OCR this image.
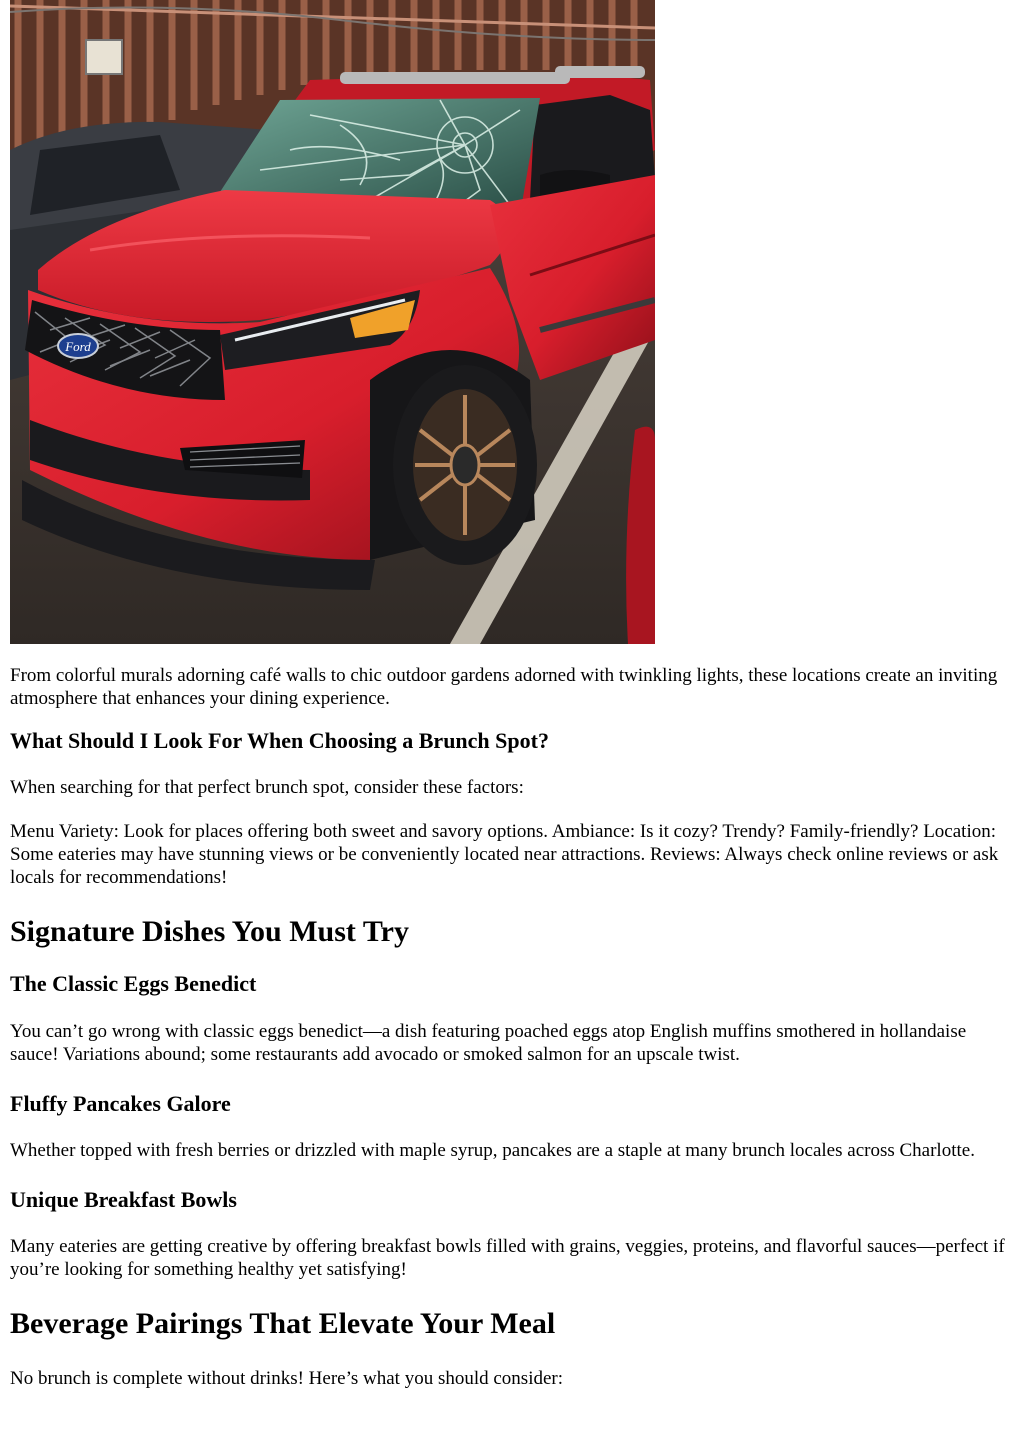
Ford

From colorful murals adorning café walls to chic outdoor gardens adorned with twinkling lights, these locations create an inviting atmosphere that enhances your dining experience.

What Should I Look For When Choosing a Brunch Spot?

When searching for that perfect brunch spot, consider these factors:

Menu Variety: Look for places offering both sweet and savory options. Ambiance: Is it cozy? Trendy? Family-friendly? Location: Some eateries may have stunning views or be conveniently located near attractions. Reviews: Always check online reviews or ask locals for recommendations!

Signature Dishes You Must Try
The Classic Eggs Benedict

You can’t go wrong with classic eggs benedict—a dish featuring poached eggs atop English muffins smothered in hollandaise sauce! Variations abound; some restaurants add avocado or smoked salmon for an upscale twist.

Fluffy Pancakes Galore

Whether topped with fresh berries or drizzled with maple syrup, pancakes are a staple at many brunch locales across Charlotte.

Unique Breakfast Bowls

Many eateries are getting creative by offering breakfast bowls filled with grains, veggies, proteins, and flavorful sauces—perfect if you’re looking for something healthy yet satisfying!

Beverage Pairings That Elevate Your Meal

No brunch is complete without drinks! Here’s what you should consider:
